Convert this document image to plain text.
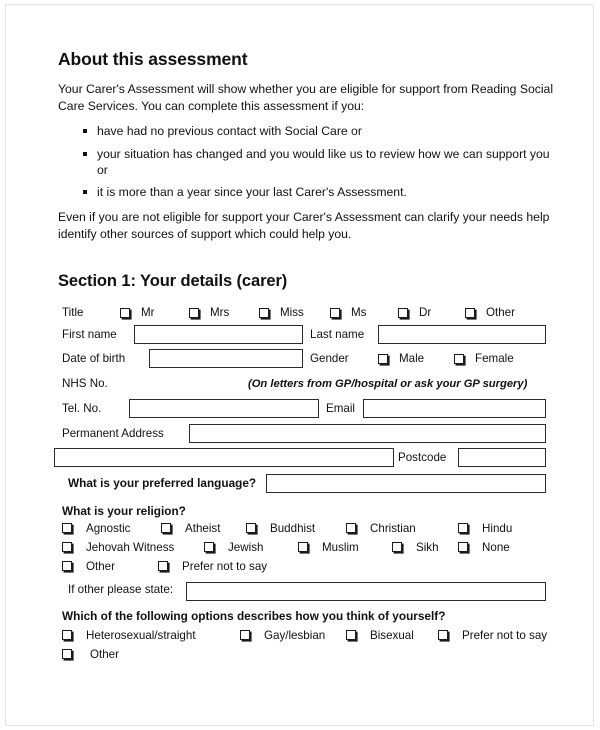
About this assessment

Your Carer's Assessment will show whether you are eligible for support from Reading Social Care Services. You can complete this assessment if you:

have had no previous contact with Social Care or
your situation has changed and you would like us to review how we can support you or
it is more than a year since your last Carer's Assessment.

Even if you are not eligible for support your Carer's Assessment can clarify your needs help identify other sources of support which could help you.

Section 1: Your details (carer)
Title	Mr	Mrs	Miss	Ms	Dr	Other
First name	Last name
Date of birth	Gender	Male	Female
NHS No.	(On letters from GP/hospital or ask your GP surgery)
Tel. No.	Email
Permanent Address
Postcode
What is your preferred language?
What is your religion?
Agnostic	Atheist	Buddhist	Christian	Hindu
Jehovah Witness	Jewish	Muslim	Sikh	None
Other	Prefer not to say
If other please state:
Which of the following options describes how you think of yourself?
Heterosexual/straight	Gay/lesbian	Bisexual	Prefer not to say
Other
